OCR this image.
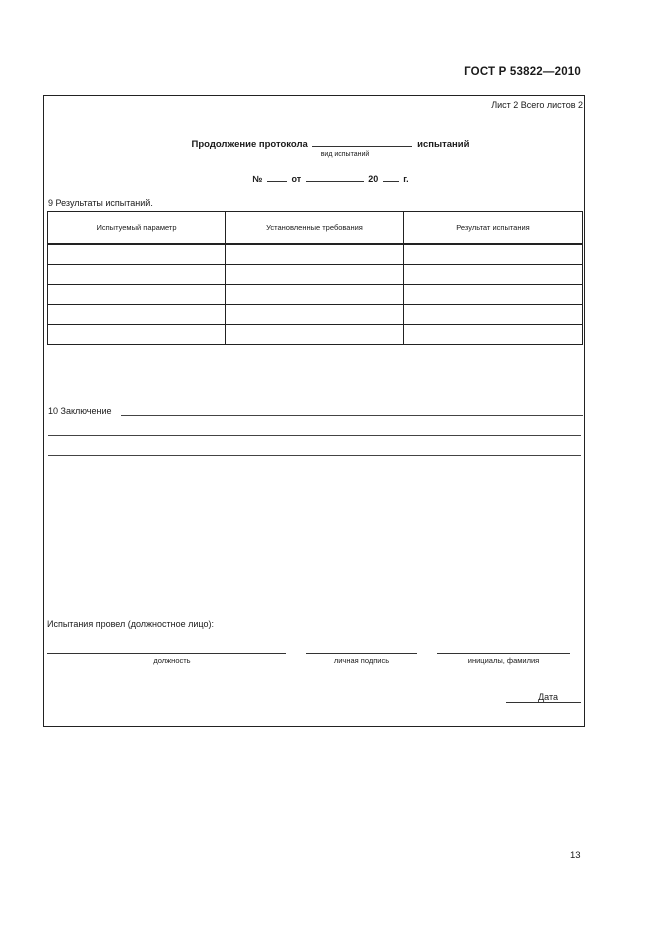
ГОСТ Р 53822—2010
Лист 2 Всего листов 2
Продолжение протокола	испытаний
вид испытаний
№	от	20	г.
9 Результаты испытаний.
Испытуемый параметр	Установленные требования	Результат испытания

10 Заключение
Испытания провел (должностное лицо):
должность	личная подпись	инициалы, фамилия
Дата
13
